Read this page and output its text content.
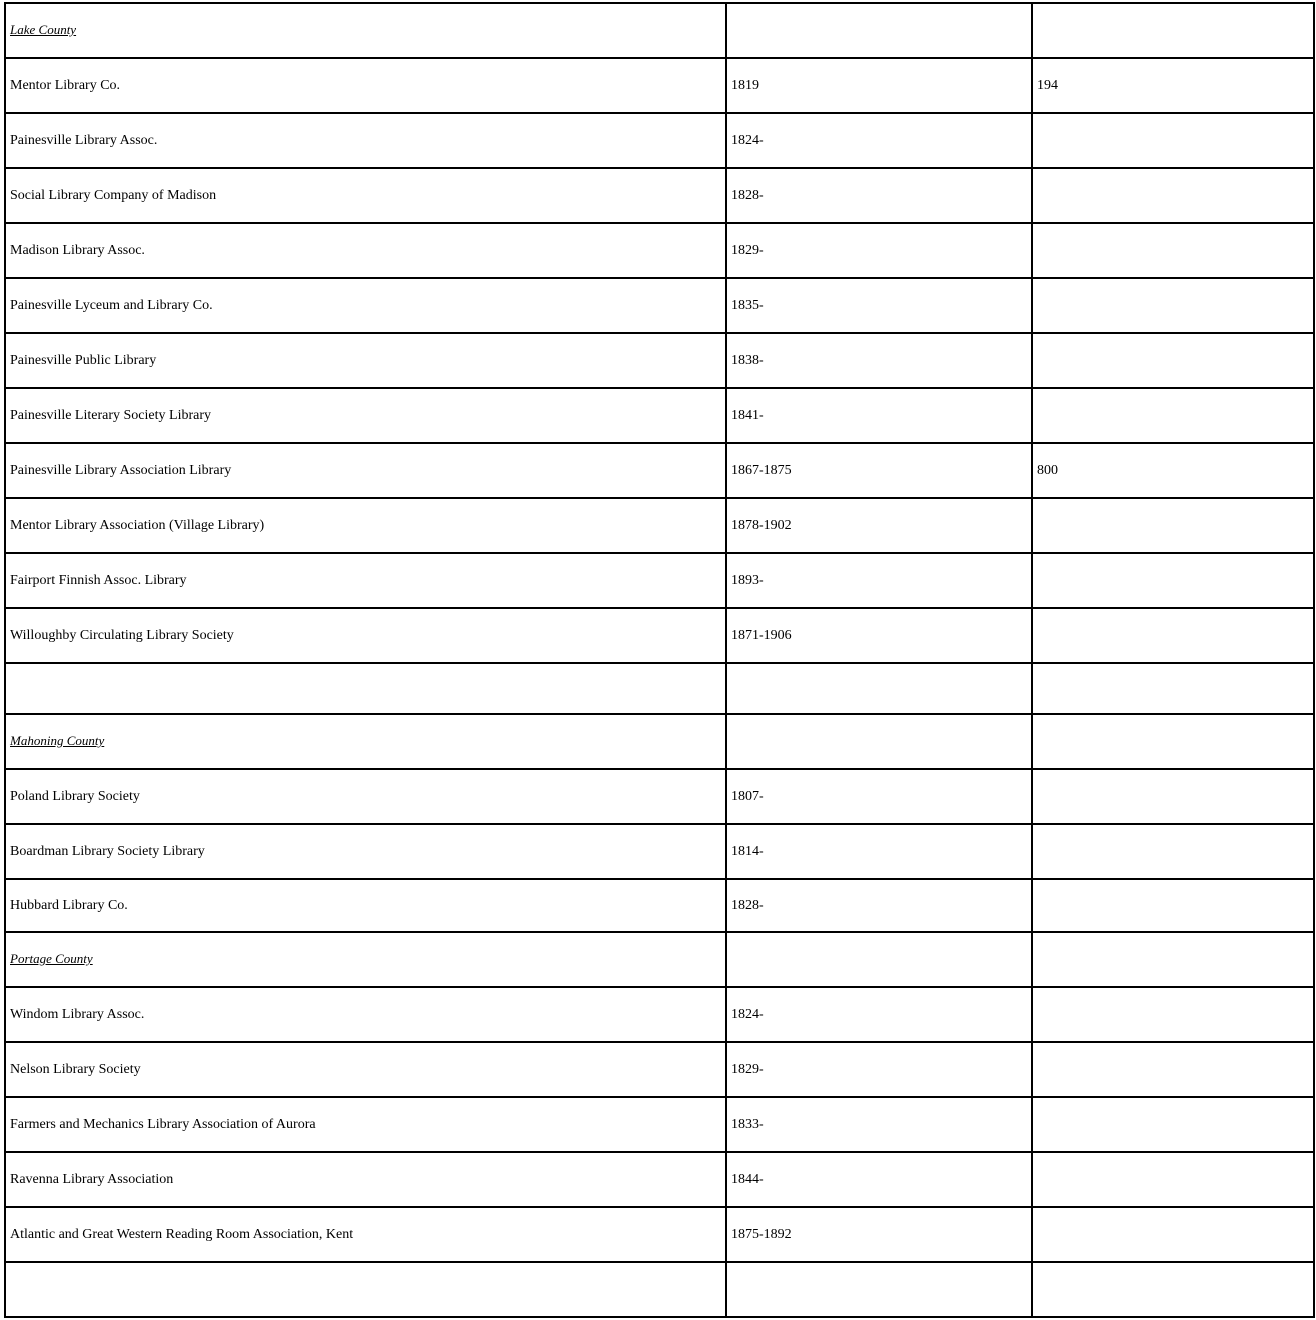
Lake County		
Mentor Library Co.	1819	194
Painesville Library Assoc.	1824-	
Social Library Company of Madison	1828-	
Madison Library Assoc.	1829-	
Painesville Lyceum and Library Co.	1835-	
Painesville Public Library	1838-	
Painesville Literary Society Library	1841-	
Painesville Library Association Library	1867-1875	800
Mentor Library Association (Village Library)	1878-1902	
Fairport Finnish Assoc. Library	1893-	
Willoughby Circulating Library Society	1871-1906	

Mahoning County		
Poland Library Society	1807-	
Boardman Library Society Library	1814-	
Hubbard Library Co.	1828-	
Portage County		
Windom Library Assoc.	1824-	
Nelson Library Society	1829-	
Farmers and Mechanics Library Association of Aurora	1833-	
Ravenna Library Association	1844-	
Atlantic and Great Western Reading Room Association, Kent	1875-1892	
